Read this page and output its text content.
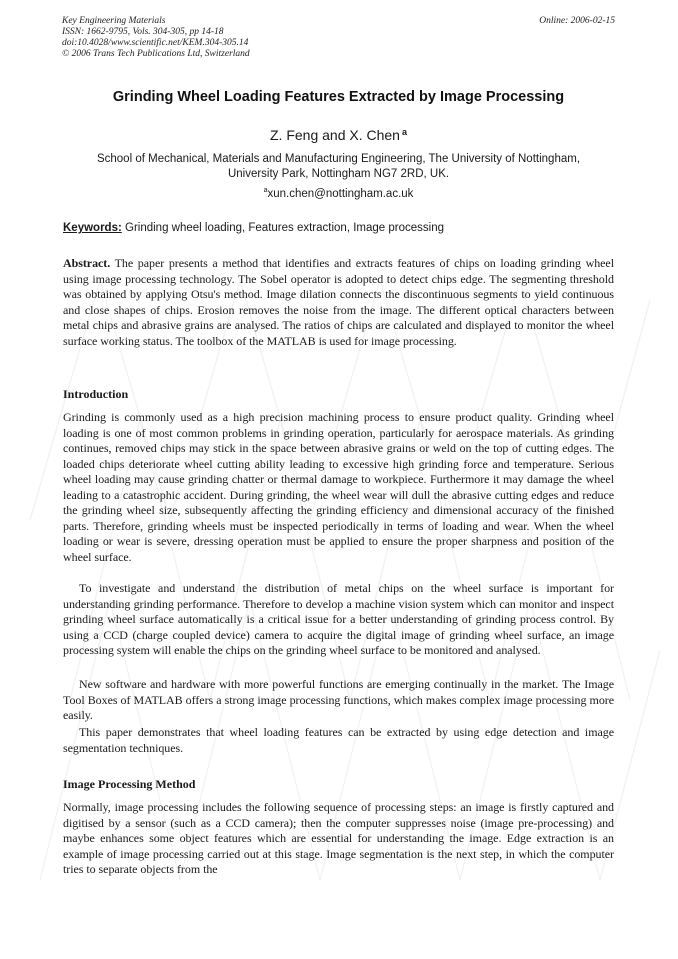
Key Engineering Materials
ISSN: 1662-9795, Vols. 304-305, pp 14-18
doi:10.4028/www.scientific.net/KEM.304-305.14
© 2006 Trans Tech Publications Ltd, Switzerland
Online: 2006-02-15
Grinding Wheel Loading Features Extracted by Image Processing
Z. Feng and X. Chen $^a$
School of Mechanical, Materials and Manufacturing Engineering, The University of Nottingham,
University Park, Nottingham NG7 2RD, UK.
$^a$xun.chen@nottingham.ac.uk
Keywords: Grinding wheel loading, Features extraction, Image processing

Abstract. The paper presents a method that identifies and extracts features of chips on loading grinding wheel using image processing technology. The Sobel operator is adopted to detect chips edge. The segmenting threshold was obtained by applying Otsu's method. Image dilation connects the discontinuous segments to yield continuous and close shapes of chips. Erosion removes the noise from the image. The different optical characters between metal chips and abrasive grains are analysed. The ratios of chips are calculated and displayed to monitor the wheel surface working status. The toolbox of the MATLAB is used for image processing.

Introduction

Grinding is commonly used as a high precision machining process to ensure product quality. Grinding wheel loading is one of most common problems in grinding operation, particularly for aerospace materials. As grinding continues, removed chips may stick in the space between abrasive grains or weld on the top of cutting edges. The loaded chips deteriorate wheel cutting ability leading to excessive high grinding force and temperature. Serious wheel loading may cause grinding chatter or thermal damage to workpiece. Furthermore it may damage the wheel leading to a catastrophic accident. During grinding, the wheel wear will dull the abrasive cutting edges and reduce the grinding wheel size, subsequently affecting the grinding efficiency and dimensional accuracy of the finished parts. Therefore, grinding wheels must be inspected periodically in terms of loading and wear. When the wheel loading or wear is severe, dressing operation must be applied to ensure the proper sharpness and position of the wheel surface.

To investigate and understand the distribution of metal chips on the wheel surface is important for understanding grinding performance. Therefore to develop a machine vision system which can monitor and inspect grinding wheel surface automatically is a critical issue for a better understanding of grinding process control. By using a CCD (charge coupled device) camera to acquire the digital image of grinding wheel surface, an image processing system will enable the chips on the grinding wheel surface to be monitored and analysed.

New software and hardware with more powerful functions are emerging continually in the market. The Image Tool Boxes of MATLAB offers a strong image processing functions, which makes complex image processing more easily.

This paper demonstrates that wheel loading features can be extracted by using edge detection and image segmentation techniques.

Image Processing Method

Normally, image processing includes the following sequence of processing steps: an image is firstly captured and digitised by a sensor (such as a CCD camera); then the computer suppresses noise (image pre-processing) and maybe enhances some object features which are essential for understanding the image. Edge extraction is an example of image processing carried out at this stage. Image segmentation is the next step, in which the computer tries to separate objects from the
